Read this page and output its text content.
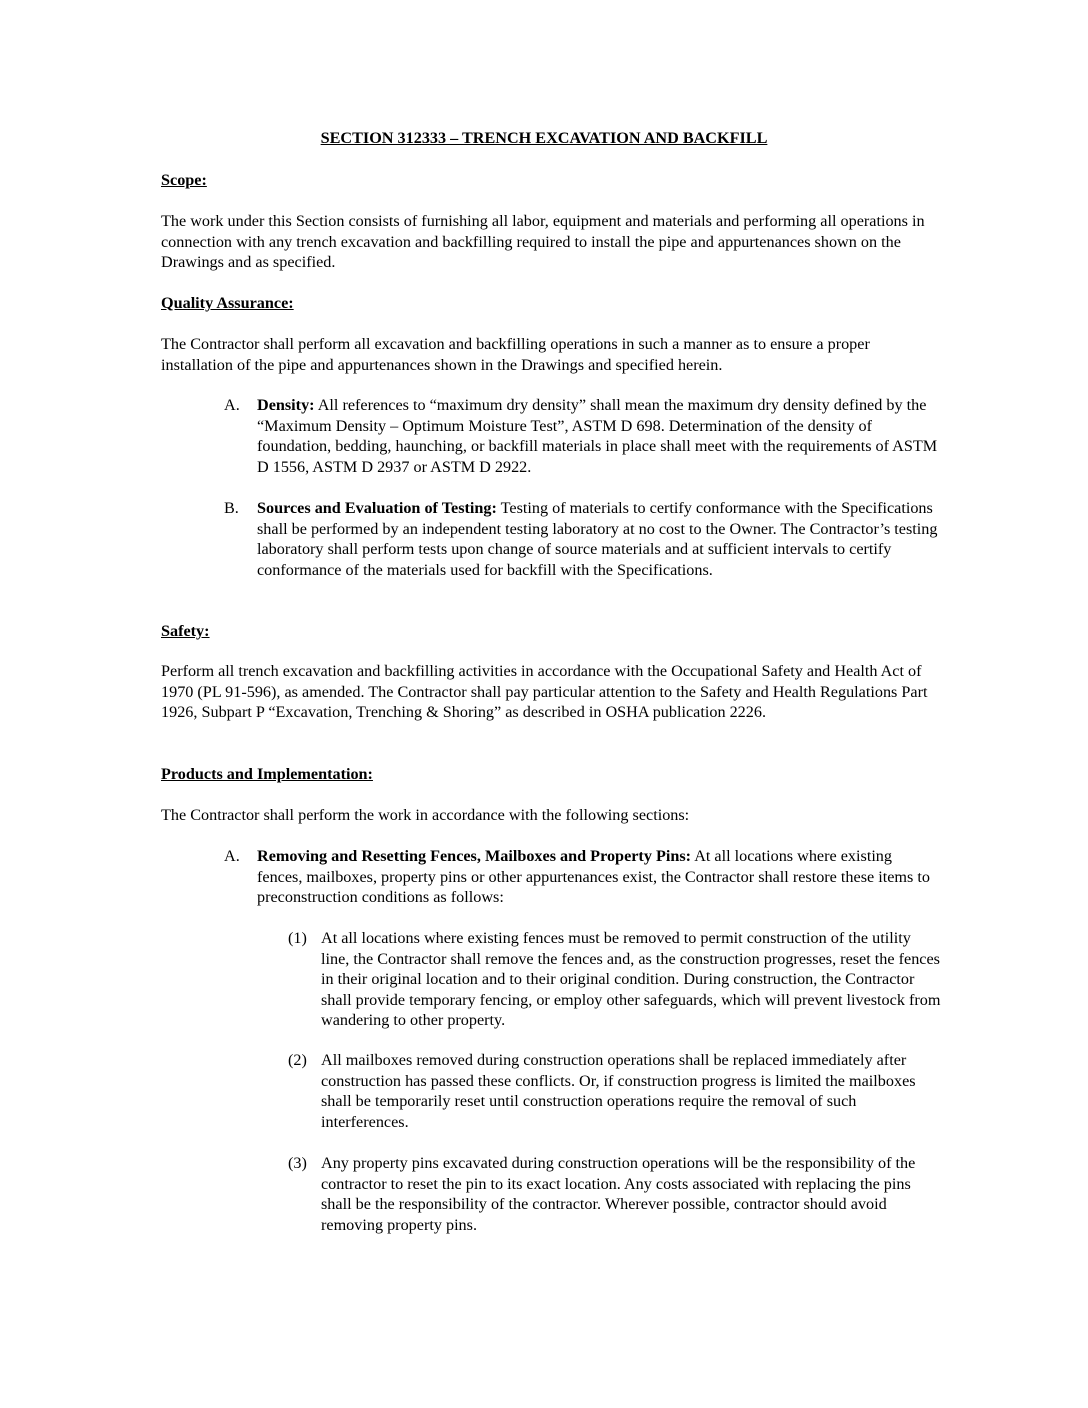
SECTION 312333 – TRENCH EXCAVATION AND BACKFILL
Scope:
The work under this Section consists of furnishing all labor, equipment and materials and performing all operations in connection with any trench excavation and backfilling required to install the pipe and appurtenances shown on the Drawings and as specified.
Quality Assurance:
The Contractor shall perform all excavation and backfilling operations in such a manner as to ensure a proper installation of the pipe and appurtenances shown in the Drawings and specified herein.
A. Density: All references to “maximum dry density” shall mean the maximum dry density defined by the “Maximum Density – Optimum Moisture Test”, ASTM D 698. Determination of the density of foundation, bedding, haunching, or backfill materials in place shall meet with the requirements of ASTM D 1556, ASTM D 2937 or ASTM D 2922.
B. Sources and Evaluation of Testing: Testing of materials to certify conformance with the Specifications shall be performed by an independent testing laboratory at no cost to the Owner. The Contractor’s testing laboratory shall perform tests upon change of source materials and at sufficient intervals to certify conformance of the materials used for backfill with the Specifications.
Safety:
Perform all trench excavation and backfilling activities in accordance with the Occupational Safety and Health Act of 1970 (PL 91-596), as amended. The Contractor shall pay particular attention to the Safety and Health Regulations Part 1926, Subpart P “Excavation, Trenching & Shoring” as described in OSHA publication 2226.
Products and Implementation:
The Contractor shall perform the work in accordance with the following sections:
A. Removing and Resetting Fences, Mailboxes and Property Pins: At all locations where existing fences, mailboxes, property pins or other appurtenances exist, the Contractor shall restore these items to preconstruction conditions as follows:
(1) At all locations where existing fences must be removed to permit construction of the utility line, the Contractor shall remove the fences and, as the construction progresses, reset the fences in their original location and to their original condition. During construction, the Contractor shall provide temporary fencing, or employ other safeguards, which will prevent livestock from wandering to other property.
(2) All mailboxes removed during construction operations shall be replaced immediately after construction has passed these conflicts. Or, if construction progress is limited the mailboxes shall be temporarily reset until construction operations require the removal of such interferences.
(3) Any property pins excavated during construction operations will be the responsibility of the contractor to reset the pin to its exact location. Any costs associated with replacing the pins shall be the responsibility of the contractor. Wherever possible, contractor should avoid removing property pins.
